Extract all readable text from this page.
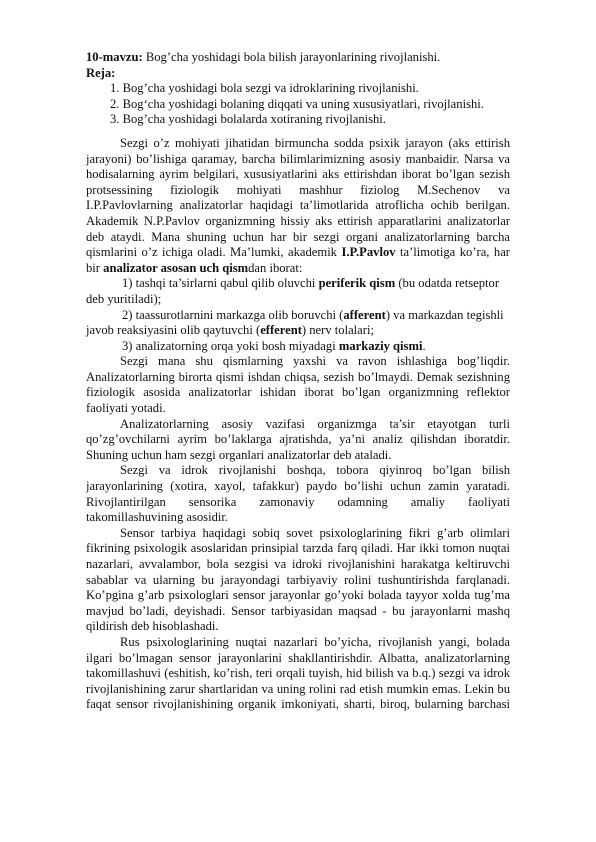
10-mavzu: Bog’cha yoshidagi bola bilish jarayonlarining rivojlanishi.
Reja:
1. Bog’cha yoshidagi bola sezgi va idroklarining rivojlanishi.
2. Bog‘cha yoshidagi bolaning diqqati va uning xususiyatlari, rivojlanishi.
3. Bog’cha yoshidagi bolalarda xotiraning rivojlanishi.
Sezgi o’z mohiyati jihatidan birmuncha sodda psixik jarayon (aks ettirish
jarayoni) bo’lishiga qaramay, barcha bilimlarimizning asosiy manbaidir. Narsa va
hodisalarning ayrim belgilari, xususiyatlarini aks ettirishdan iborat bo’lgan sezish
protsessining fiziologik mohiyati mashhur fiziolog M.Sechenov va
I.P.Pavlovlarning analizatorlar haqidagi ta’limotlarida atroflicha ochib berilgan.
Akademik N.P.Pavlov organizmning hissiy aks ettirish apparatlarini analizatorlar
deb ataydi. Mana shuning uchun har bir sezgi organi analizatorlarning barcha
qismlarini o’z ichiga oladi. Ma’lumki, akademik I.P.Pavlov ta’limotiga ko’ra, har
bir analizator asosan uch qismdan iborat:
1) tashqi ta’sirlarni qabul qilib oluvchi periferik qism (bu odatda retseptor
deb yuritiladi);
2) taassurotlarnini markazga olib boruvchi (afferent) va markazdan tegishli
javob reaksiyasini olib qaytuvchi (efferent) nerv tolalari;
3) analizatorning orqa yoki bosh miyadagi markaziy qismi.
Sezgi mana shu qismlarning yaxshi va ravon ishlashiga bog’liqdir.
Analizatorlarning birorta qismi ishdan chiqsa, sezish bo’lmaydi. Demak sezishning
fiziologik asosida analizatorlar ishidan iborat bo’lgan organizmning reflektor
faoliyati yotadi.
Analizatorlarning asosiy vazifasi organizmga ta’sir etayotgan turli
qo’zg’ovchilarni ayrim bo’laklarga ajratishda, ya’ni analiz qilishdan iboratdir.
Shuning uchun ham sezgi organlari analizatorlar deb ataladi.
Sezgi va idrok rivojlanishi boshqa, tobora qiyinroq bo’lgan bilish
jarayonlarining (xotira, xayol, tafakkur) paydo bo’lishi uchun zamin yaratadi.
Rivojlantirilgan sensorika zamonaviy odamning amaliy faoliyati
takomillashuvining asosidir.
Sensor tarbiya haqidagi sobiq sovet psixologlarining fikri g’arb olimlari
fikrining psixologik asoslaridan prinsipial tarzda farq qiladi. Har ikki tomon nuqtai
nazarlari, avvalambor, bola sezgisi va idroki rivojlanishini harakatga keltiruvchi
sabablar va ularning bu jarayondagi tarbiyaviy rolini tushuntirishda farqlanadi.
Ko’pgina g’arb psixologlari sensor jarayonlar go’yoki bolada tayyor xolda tug’ma
mavjud bo’ladi, deyishadi. Sensor tarbiyasidan maqsad - bu jarayonlarni mashq
qildirish deb hisoblashadi.
Rus psixologlarining nuqtai nazarlari bo’yicha, rivojlanish yangi, bolada
ilgari bo’lmagan sensor jarayonlarini shakllantirishdir. Albatta, analizatorlarning
takomillashuvi (eshitish, ko’rish, teri orqali tuyish, hid bilish va b.q.) sezgi va idrok
rivojlanishining zarur shartlaridan va uning rolini rad etish mumkin emas. Lekin bu
faqat sensor rivojlanishining organik imkoniyati, sharti, biroq, bularning barchasi
